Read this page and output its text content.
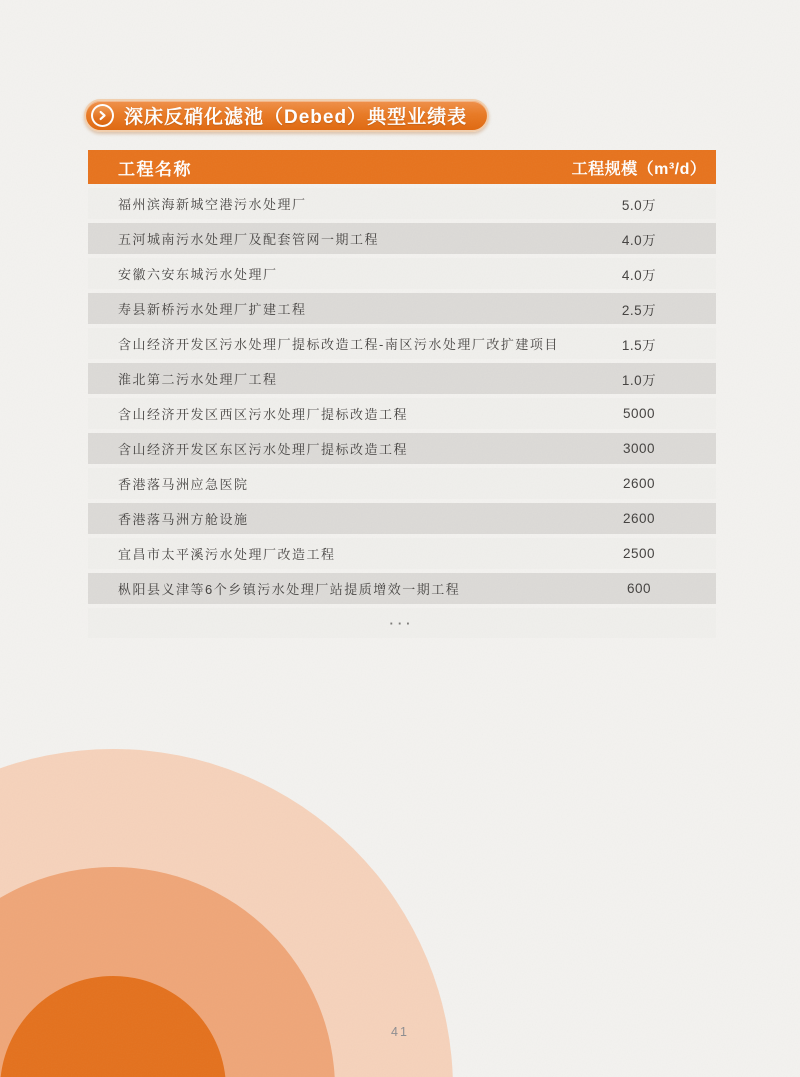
深床反硝化滤池（Debed）典型业绩表
工程名称	工程规模（m³/d）
福州滨海新城空港污水处理厂	5.0万
五河城南污水处理厂及配套管网一期工程	4.0万
安徽六安东城污水处理厂	4.0万
寿县新桥污水处理厂扩建工程	2.5万
含山经济开发区污水处理厂提标改造工程-南区污水处理厂改扩建项目	1.5万
淮北第二污水处理厂工程	1.0万
含山经济开发区西区污水处理厂提标改造工程	5000
含山经济开发区东区污水处理厂提标改造工程	3000
香港落马洲应急医院	2600
香港落马洲方舱设施	2600
宜昌市太平溪污水处理厂改造工程	2500
枞阳县义津等6个乡镇污水处理厂站提质增效一期工程	600
···
41
